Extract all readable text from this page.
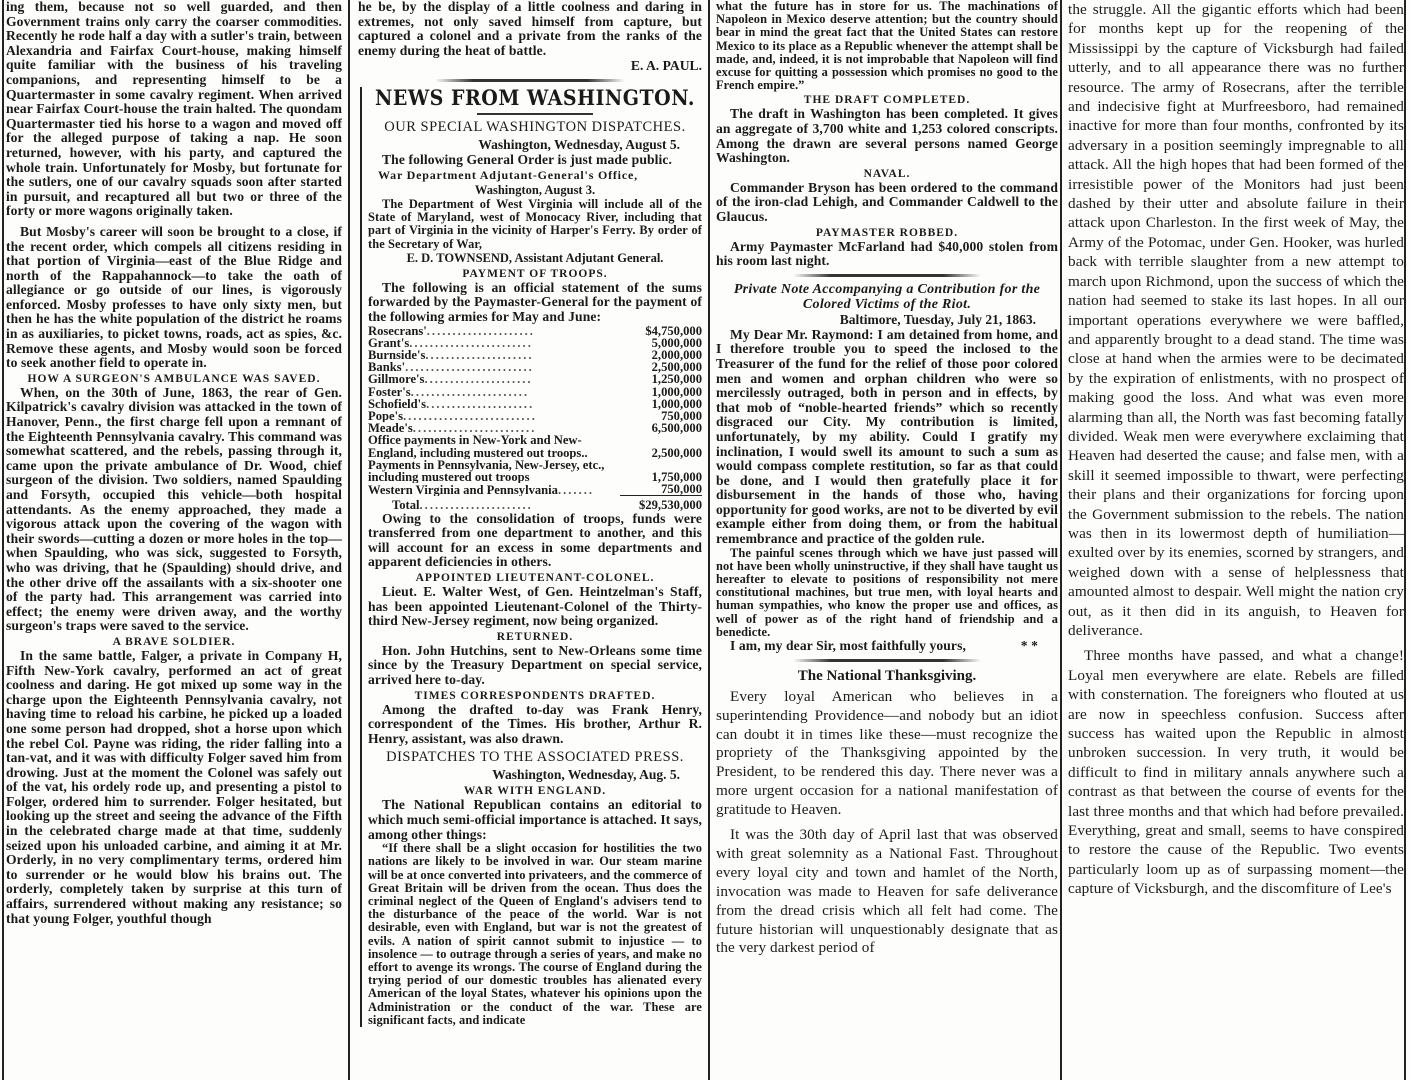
ing them, because not so well guarded, and then Government trains only carry the coarser commodities. Recently he rode half a day with a sutler's train, between Alexandria and Fairfax Court-house, making himself quite familiar with the business of his traveling companions, and representing himself to be a Quartermaster in some cavalry regiment. When arrived near Fairfax Court-house the train halted. The quondam Quartermaster tied his horse to a wagon and moved off for the alleged purpose of taking a nap. He soon returned, however, with his party, and captured the whole train. Unfortunately for Mosby, but fortunate for the sutlers, one of our cavalry squads soon after started in pursuit, and recaptured all but two or three of the forty or more wagons originally taken.

But Mosby's career will soon be brought to a close, if the recent order, which compels all citizens residing in that portion of Virginia—east of the Blue Ridge and north of the Rappahannock—to take the oath of allegiance or go outside of our lines, is vigorously enforced. Mosby professes to have only sixty men, but then he has the white population of the district he roams in as auxiliaries, to picket towns, roads, act as spies, &c. Remove these agents, and Mosby would soon be forced to seek another field to operate in.

HOW A SURGEON'S AMBULANCE WAS SAVED.

When, on the 30th of June, 1863, the rear of Gen. Kilpatrick's cavalry division was attacked in the town of Hanover, Penn., the first charge fell upon a remnant of the Eighteenth Pennsylvania cavalry. This command was somewhat scattered, and the rebels, passing through it, came upon the private ambulance of Dr. Wood, chief surgeon of the division. Two soldiers, named Spaulding and Forsyth, occupied this vehicle—both hospital attendants. As the enemy approached, they made a vigorous attack upon the covering of the wagon with their swords—cutting a dozen or more holes in the top—when Spaulding, who was sick, suggested to Forsyth, who was driving, that he (Spaulding) should drive, and the other drive off the assailants with a six-shooter one of the party had. This arrangement was carried into effect; the enemy were driven away, and the worthy surgeon's traps were saved to the service.

A BRAVE SOLDIER.

In the same battle, Falger, a private in Company H, Fifth New-York cavalry, performed an act of great coolness and daring. He got mixed up some way in the charge upon the Eighteenth Pennsylvania cavalry, not having time to reload his carbine, he picked up a loaded one some person had dropped, shot a horse upon which the rebel Col. Payne was riding, the rider falling into a tan-vat, and it was with difficulty Folger saved him from drowing. Just at the moment the Colonel was safely out of the vat, his ordely rode up, and presenting a pistol to Folger, ordered him to surrender. Folger hesitated, but looking up the street and seeing the advance of the Fifth in the celebrated charge made at that time, suddenly seized upon his unloaded carbine, and aiming it at Mr. Orderly, in no very complimentary terms, ordered him to surrender or he would blow his brains out. The orderly, completely taken by surprise at this turn of affairs, surrendered without making any resistance; so that young Folger, youthful though

he be, by the display of a little coolness and daring in extremes, not only saved himself from capture, but captured a colonel and a private from the ranks of the enemy during the heat of battle.

E. A. PAUL.
NEWS FROM WASHINGTON.
OUR SPECIAL WASHINGTON DISPATCHES.
Washington, Wednesday, August 5.

The following General Order is just made public.

War Department Adjutant-General's Office,
Washington, August 3.

The Department of West Virginia will include all of the State of Maryland, west of Monocacy River, including that part of Virginia in the vicinity of Harper's Ferry. By order of the Secretary of War,

E. D. TOWNSEND, Assistant Adjutant General.
PAYMENT OF TROOPS.

The following is an official statement of the sums forwarded by the Paymaster-General for the payment of the following armies for May and June:

Rosecrans'.....................	$4,750,000
Grant's........................	5,000,000
Burnside's.....................	2,000,000
Banks'.........................	2,500,000
Gillmore's.....................	1,250,000
Foster's.......................	1,000,000
Schofield's.....................	1,000,000
Pope's..........................	750,000
Meade's........................	6,500,000
Office payments in New-York and New-England, including mustered out troops..	2,500,000
Payments in Pennsylvania, New-Jersey, etc., including mustered out troops	1,750,000
Western Virginia and Pennsylvania.......	750,000
Total......................	$29,530,000

Owing to the consolidation of troops, funds were transferred from one department to another, and this will account for an excess in some departments and apparent deficiencies in others.

APPOINTED LIEUTENANT-COLONEL.

Lieut. E. Walter West, of Gen. Heintzelman's Staff, has been appointed Lieutenant-Colonel of the Thirty-third New-Jersey regiment, now being organized.

RETURNED.

Hon. John Hutchins, sent to New-Orleans some time since by the Treasury Department on special service, arrived here to-day.

TIMES CORRESPONDENTS DRAFTED.

Among the drafted to-day was Frank Henry, correspondent of the Times. His brother, Arthur R. Henry, assistant, was also drawn.

DISPATCHES TO THE ASSOCIATED PRESS.
Washington, Wednesday, Aug. 5.
WAR WITH ENGLAND.

The National Republican contains an editorial to which much semi-official importance is attached. It says, among other things:

“If there shall be a slight occasion for hostilities the two nations are likely to be involved in war. Our steam marine will be at once converted into privateers, and the commerce of Great Britain will be driven from the ocean. Thus does the criminal neglect of the Queen of England's advisers tend to the disturbance of the peace of the world. War is not desirable, even with England, but war is not the greatest of evils. A nation of spirit cannot submit to injustice — to insolence — to outrage through a series of years, and make no effort to avenge its wrongs. The course of England during the trying period of our domestic troubles has alienated every American of the loyal States, whatever his opinions upon the Administration or the conduct of the war. These are significant facts, and indicate

what the future has in store for us. The machinations of Napoleon in Mexico deserve attention; but the country should bear in mind the great fact that the United States can restore Mexico to its place as a Republic whenever the attempt shall be made, and, indeed, it is not improbable that Napoleon will find excuse for quitting a possession which promises no good to the French empire.”

THE DRAFT COMPLETED.

The draft in Washington has been completed. It gives an aggregate of 3,700 white and 1,253 colored conscripts. Among the drawn are several persons named George Washington.

NAVAL.

Commander Bryson has been ordered to the command of the iron-clad Lehigh, and Commander Caldwell to the Glaucus.

PAYMASTER ROBBED.

Army Paymaster McFarland had $40,000 stolen from his room last night.

Private Note Accompanying a Contribution for the Colored Victims of the Riot.
Baltimore, Tuesday, July 21, 1863.

My Dear Mr. Raymond: I am detained from home, and I therefore trouble you to speed the inclosed to the Treasurer of the fund for the relief of those poor colored men and women and orphan children who were so mercilessly outraged, both in person and in effects, by that mob of “noble-hearted friends” which so recently disgraced our City. My contribution is limited, unfortunately, by my ability. Could I gratify my inclination, I would swell its amount to such a sum as would compass complete restitution, so far as that could be done, and I would then gratefully place it for disbursement in the hands of those who, having opportunity for good works, are not to be diverted by evil example either from doing them, or from the habitual remembrance and practice of the golden rule.

The painful scenes through which we have just passed will not have been wholly uninstructive, if they shall have taught us hereafter to elevate to positions of responsibility not mere constitutional machines, but true men, with loyal hearts and human sympathies, who know the proper use and offices, as well of power as of the right hand of friendship and a benedicte.

I am, my dear Sir, most faithfully yours,	* *

The National Thanksgiving.

Every loyal American who believes in a superintending Providence—and nobody but an idiot can doubt it in times like these—must recognize the propriety of the Thanksgiving appointed by the President, to be rendered this day. There never was a more urgent occasion for a national manifestation of gratitude to Heaven.

It was the 30th day of April last that was observed with great solemnity as a National Fast. Throughout every loyal city and town and hamlet of the North, invocation was made to Heaven for safe deliverance from the dread crisis which all felt had come. The future historian will unquestionably designate that as the very darkest period of

the struggle. All the gigantic efforts which had been for months kept up for the reopening of the Mississippi by the capture of Vicksburgh had failed utterly, and to all appearance there was no further resource. The army of Rosecrans, after the terrible and indecisive fight at Murfreesboro, had remained inactive for more than four months, confronted by its adversary in a position seemingly impregnable to all attack. All the high hopes that had been formed of the irresistible power of the Monitors had just been dashed by their utter and absolute failure in their attack upon Charleston. In the first week of May, the Army of the Potomac, under Gen. Hooker, was hurled back with terrible slaughter from a new attempt to march upon Richmond, upon the success of which the nation had seemed to stake its last hopes. In all our important operations everywhere we were baffled, and apparently brought to a dead stand. The time was close at hand when the armies were to be decimated by the expiration of enlistments, with no prospect of making good the loss. And what was even more alarming than all, the North was fast becoming fatally divided. Weak men were everywhere exclaiming that Heaven had deserted the cause; and false men, with a skill it seemed impossible to thwart, were perfecting their plans and their organizations for forcing upon the Government submission to the rebels. The nation was then in its lowermost depth of humiliation—exulted over by its enemies, scorned by strangers, and weighed down with a sense of helplessness that amounted almost to despair. Well might the nation cry out, as it then did in its anguish, to Heaven for deliverance.

Three months have passed, and what a change! Loyal men everywhere are elate. Rebels are filled with consternation. The foreigners who flouted at us are now in speechless confusion. Success after success has waited upon the Republic in almost unbroken succession. In very truth, it would be difficult to find in military annals anywhere such a contrast as that between the course of events for the last three months and that which had before prevailed. Everything, great and small, seems to have conspired to restore the cause of the Republic. Two events particularly loom up as of surpassing moment—the capture of Vicksburgh, and the discomfiture of Lee's
